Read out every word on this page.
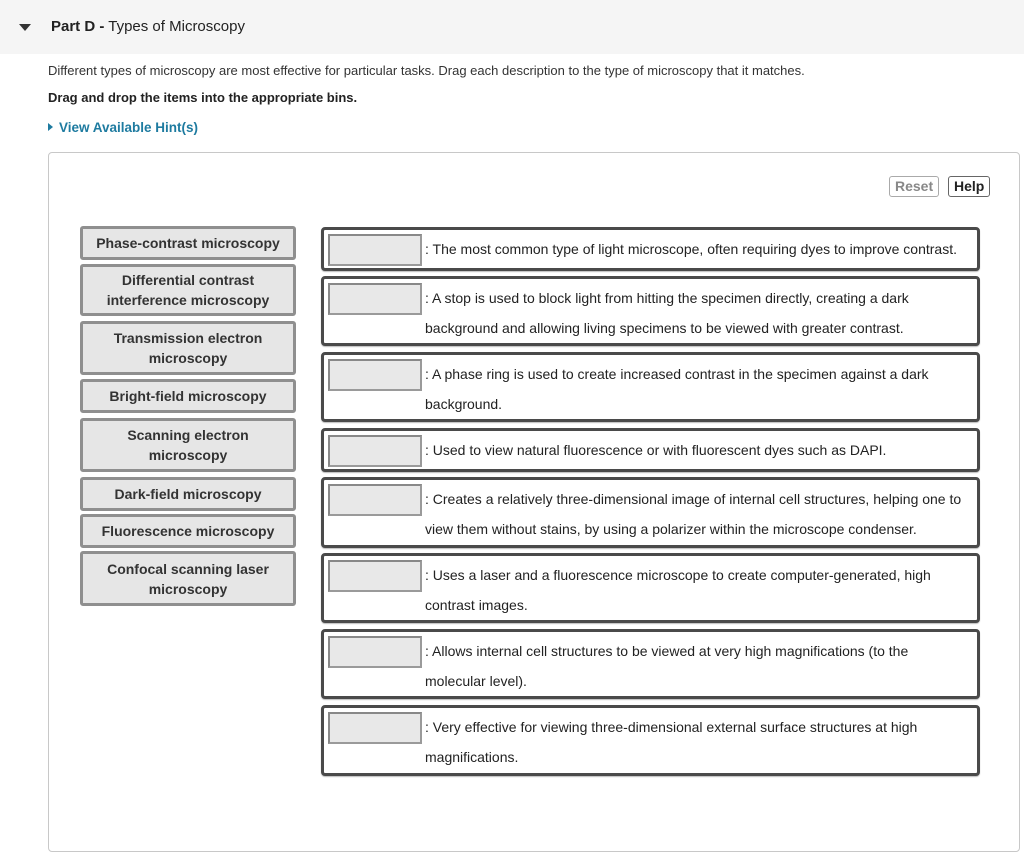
Part D - Types of Microscopy
Different types of microscopy are most effective for particular tasks. Drag each description to the type of microscopy that it matches.
Drag and drop the items into the appropriate bins.
View Available Hint(s)
Reset	Help
Phase-contrast microscopy
Differential contrast interference microscopy
Transmission electron microscopy
Bright-field microscopy
Scanning electron microscopy
Dark-field microscopy
Fluorescence microscopy
Confocal scanning laser microscopy
: The most common type of light microscope, often requiring dyes to improve contrast.
: A stop is used to block light from hitting the specimen directly, creating a dark background and allowing living specimens to be viewed with greater contrast.
: A phase ring is used to create increased contrast in the specimen against a dark background.
: Used to view natural fluorescence or with fluorescent dyes such as DAPI.
: Creates a relatively three-dimensional image of internal cell structures, helping one to view them without stains, by using a polarizer within the microscope condenser.
: Uses a laser and a fluorescence microscope to create computer-generated, high contrast images.
: Allows internal cell structures to be viewed at very high magnifications (to the molecular level).
: Very effective for viewing three-dimensional external surface structures at high magnifications.
